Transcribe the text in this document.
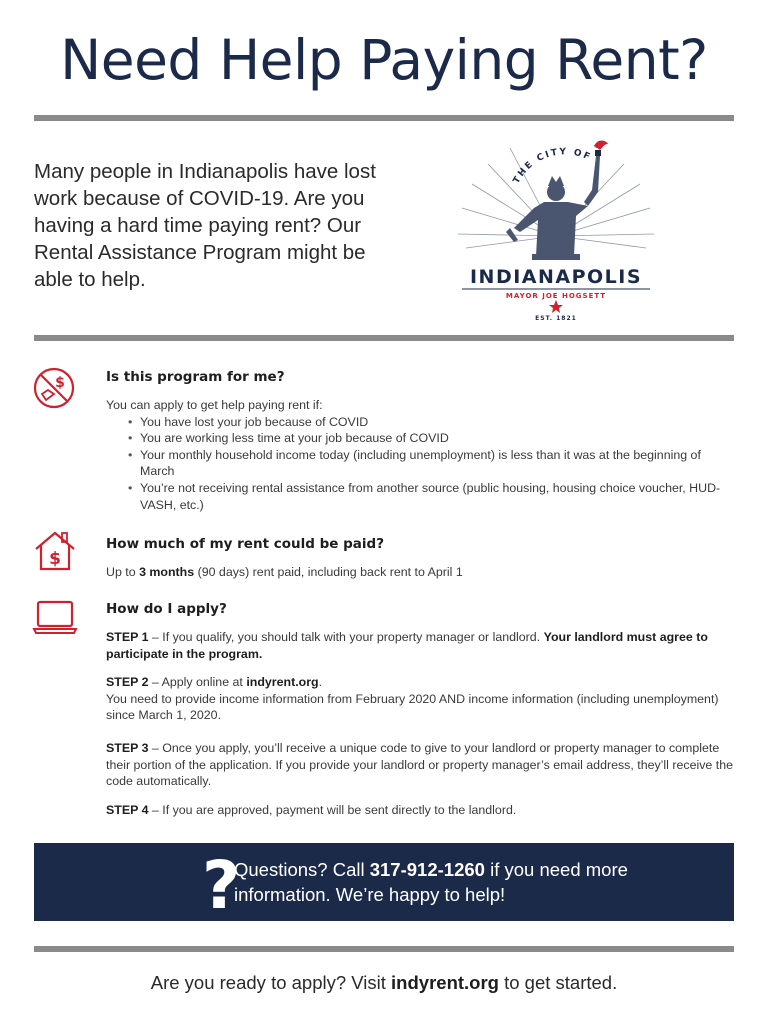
Need Help Paying Rent?

Many people in Indianapolis have lost work because of COVID-19. Are you having a hard time paying rent? Our Rental Assistance Program might be able to help.

THE CITY OF
INDIANAPOLIS
MAYOR JOE HOGSETT
EST. 1821
$	Is this program for me?

You can apply to get help paying rent if:

• You have lost your job because of COVID
• You are working less time at your job because of COVID
• Your monthly household income today (including unemployment) is less than it was at the beginning of March
• You’re not receiving rental assistance from another source (public housing, housing choice voucher, HUD-VASH, etc.)
$
How much of my rent could be paid?

Up to 3 months (90 days) rent paid, including back rent to April 1

How do I apply?

STEP 1 – If you qualify, you should talk with your property manager or landlord. Your landlord must agree to participate in the program.

STEP 2 – Apply online at indyrent.org.

You need to provide income information from February 2020 AND income information (including unemployment) since March 1, 2020.

STEP 3 – Once you apply, you’ll receive a unique code to give to your landlord or property manager to complete their portion of the application. If you provide your landlord or property manager’s email address, they’ll receive the code automatically.

STEP 4 – If you are approved, payment will be sent directly to the landlord.

?

Questions? Call 317-912-1260 if you need more information. We’re happy to help!

Are you ready to apply? Visit indyrent.org to get started.
